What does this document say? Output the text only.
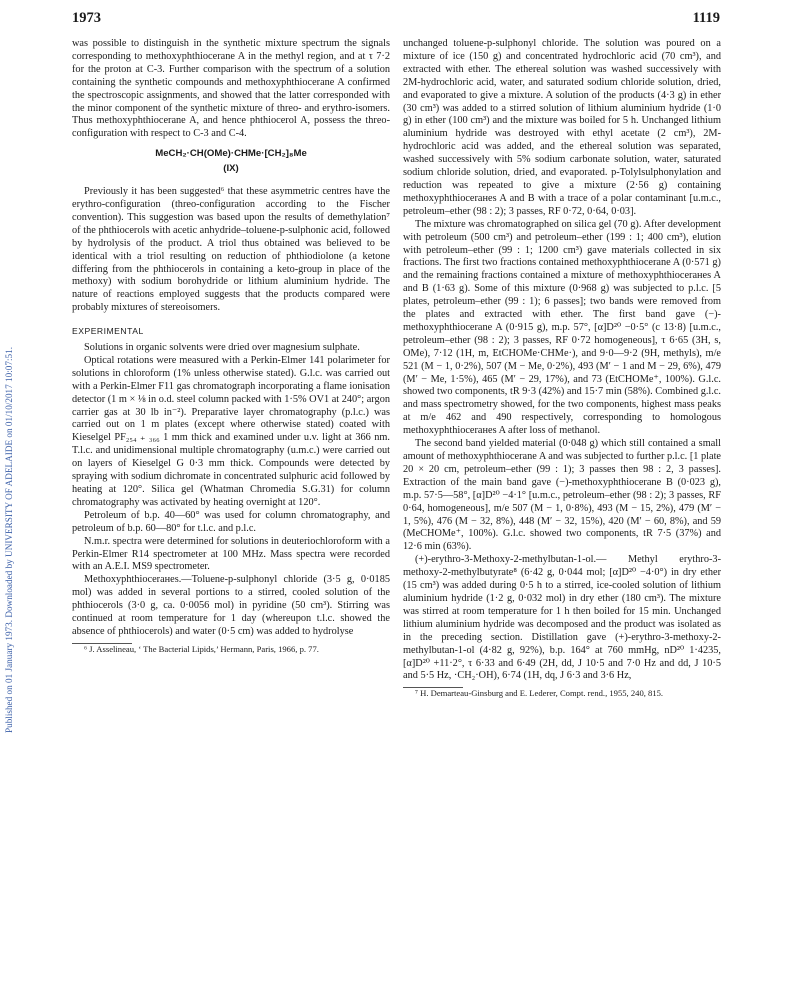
1973	1119
Published on 01 January 1973. Downloaded by UNIVERSITY OF ADELAIDE on 01/10/2017 10:07:51.

was possible to distinguish in the synthetic mixture spectrum the signals corresponding to methoxyphthiocerane A in the methyl region, and at τ 7·2 for the proton at C-3. Further comparison with the spectrum of a solution containing the synthetic compounds and methoxyphthiocerane A confirmed the spectroscopic assignments, and showed that the latter corresponded with the minor component of the synthetic mixture of threo- and erythro-isomers. Thus methoxyphthiocerane A, and hence phthiocerol A, possess the threo-configuration with respect to C-3 and C-4.

MeCH₂·CH(OMe)·CHMe·[CH₂]₈Me
(IX)

Previously it has been suggested⁶ that these asymmetric centres have the erythro-configuration (threo-configuration according to the Fischer convention). This suggestion was based upon the results of demethylation⁷ of the phthiocerols with acetic anhydride–toluene-p-sulphonic acid, followed by hydrolysis of the product. A triol thus obtained was believed to be identical with a triol resulting on reduction of phthiodiolone (a ketone differing from the phthiocerols in containing a keto-group in place of the methoxy) with sodium borohydride or lithium aluminium hydride. The nature of reactions employed suggests that the products compared were probably mixtures of stereoisomers.

EXPERIMENTAL

Solutions in organic solvents were dried over magnesium sulphate.

Optical rotations were measured with a Perkin-Elmer 141 polarimeter for solutions in chloroform (1% unless otherwise stated). G.l.c. was carried out with a Perkin-Elmer F11 gas chromatograph incorporating a flame ionisation detector (1 m × ⅛ in o.d. steel column packed with 1·5% OV1 at 240°; argon carrier gas at 30 lb in⁻²). Preparative layer chromatography (p.l.c.) was carried out on 1 m plates (except where otherwise stated) coated with Kieselgel PF₂₅₄ ₊ ₃₆₆ 1 mm thick and examined under u.v. light at 366 nm. T.l.c. and unidimensional multiple chromatography (u.m.c.) were carried out on layers of Kieselgel G 0·3 mm thick. Compounds were detected by spraying with sodium dichromate in concentrated sulphuric acid followed by heating at 120°. Silica gel (Whatman Chromedia S.G.31) for column chromatography was activated by heating overnight at 120°.

Petroleum of b.p. 40—60° was used for column chromatography, and petroleum of b.p. 60—80° for t.l.c. and p.l.c.

N.m.r. spectra were determined for solutions in deuteriochloroform with a Perkin-Elmer R14 spectrometer at 100 MHz. Mass spectra were recorded with an A.E.I. MS9 spectrometer.

Methoxyphthiocerанes.—Toluene-p-sulphonyl chloride (3·5 g, 0·0185 mol) was added in several portions to a stirred, cooled solution of the phthiocerols (3·0 g, ca. 0·0056 mol) in pyridine (50 cm³). Stirring was continued at room temperature for 1 day (whereupon t.l.c. showed the absence of phthiocerols) and water (0·5 cm) was added to hydrolyse

⁶ J. Asselineau, ‘ The Bacterial Lipids,’ Hermann, Paris, 1966, p. 77.

unchanged toluene-p-sulphonyl chloride. The solution was poured on a mixture of ice (150 g) and concentrated hydrochloric acid (70 cm³), and extracted with ether. The ethereal solution was washed successively with 2M-hydrochloric acid, water, and saturated sodium chloride solution, dried, and evaporated to give a mixture. A solution of the products (4·3 g) in ether (30 cm³) was added to a stirred solution of lithium aluminium hydride (1·0 g) in ether (100 cm³) and the mixture was boiled for 5 h. Unchanged lithium aluminium hydride was destroyed with ethyl acetate (2 cm³), 2M-hydrochloric acid was added, and the ethereal solution was separated, washed successively with 5% sodium carbonate solution, water, saturated sodium chloride solution, dried, and evaporated. p-Tolylsulphonylation and reduction was repeated to give a mixture (2·56 g) containing methoxyphthiocerанes A and B with a trace of a polar contaminant [u.m.c., petroleum–ether (98 : 2); 3 passes, RF 0·72, 0·64, 0·03].

The mixture was chromatographed on silica gel (70 g). After development with petroleum (500 cm³) and petroleum–ether (199 : 1; 400 cm³), elution with petroleum–ether (99 : 1; 1200 cm³) gave materials collected in six fractions. The first two fractions contained methoxyphthiocerane A (0·571 g) and the remaining fractions contained a mixture of methoxyphthiocerанes A and B (1·63 g). Some of this mixture (0·968 g) was subjected to p.l.c. [5 plates, petroleum–ether (99 : 1); 6 passes]; two bands were removed from the plates and extracted with ether. The first band gave (−)-methoxyphthiocerane A (0·915 g), m.p. 57°, [α]D²⁰ −0·5° (c 13·8) [u.m.c., petroleum–ether (98 : 2); 3 passes, RF 0·72 homogeneous], τ 6·65 (3H, s, OMe), 7·12 (1H, m, EtCHOMe·CHMe·), and 9·0—9·2 (9H, methyls), m/e 521 (M − 1, 0·2%), 507 (M − Me, 0·2%), 493 (M′ − 1 and M − 29, 6%), 479 (M′ − Me, 1·5%), 465 (M′ − 29, 17%), and 73 (EtCHOMe⁺, 100%). G.l.c. showed two components, tR 9·3 (42%) and 15·7 min (58%). Combined g.l.c. and mass spectrometry showed, for the two components, highest mass peaks at m/e 462 and 490 respectively, corresponding to homologous methoxyphthiocerанes A after loss of methanol.

The second band yielded material (0·048 g) which still contained a small amount of methoxyphthiocerane A and was subjected to further p.l.c. [1 plate 20 × 20 cm, petroleum–ether (99 : 1); 3 passes then 98 : 2, 3 passes]. Extraction of the main band gave (−)-methoxyphthiocerane B (0·023 g), m.p. 57·5—58°, [α]D²⁰ −4·1° [u.m.c., petroleum–ether (98 : 2); 3 passes, RF 0·64, homogeneous], m/e 507 (M − 1, 0·8%), 493 (M − 15, 2%), 479 (M′ − 1, 5%), 476 (M − 32, 8%), 448 (M′ − 32, 15%), 420 (M′ − 60, 8%), and 59 (MeCHOMe⁺, 100%). G.l.c. showed two components, tR 7·5 (37%) and 12·6 min (63%).

(+)-erythro-3-Methoxy-2-methylbutan-1-ol.— Methyl erythro-3-methoxy-2-methylbutyrate⁸ (6·42 g, 0·044 mol; [α]D²⁰ −4·0°) in dry ether (15 cm³) was added during 0·5 h to a stirred, ice-cooled solution of lithium aluminium hydride (1·2 g, 0·032 mol) in dry ether (180 cm³). The mixture was stirred at room temperature for 1 h then boiled for 15 min. Unchanged lithium aluminium hydride was decomposed and the product was isolated as in the preceding section. Distillation gave (+)-erythro-3-methoxy-2-methylbutan-1-ol (4·82 g, 92%), b.p. 164° at 760 mmHg, nD²⁰ 1·4235, [α]D²⁰ +11·2°, τ 6·33 and 6·49 (2H, dd, J 10·5 and 7·0 Hz and dd, J 10·5 and 5·5 Hz, ·CH₂·OH), 6·74 (1H, dq, J 6·3 and 3·6 Hz,

⁷ H. Demarteau-Ginsburg and E. Lederer, Compt. rend., 1955, 240, 815.
